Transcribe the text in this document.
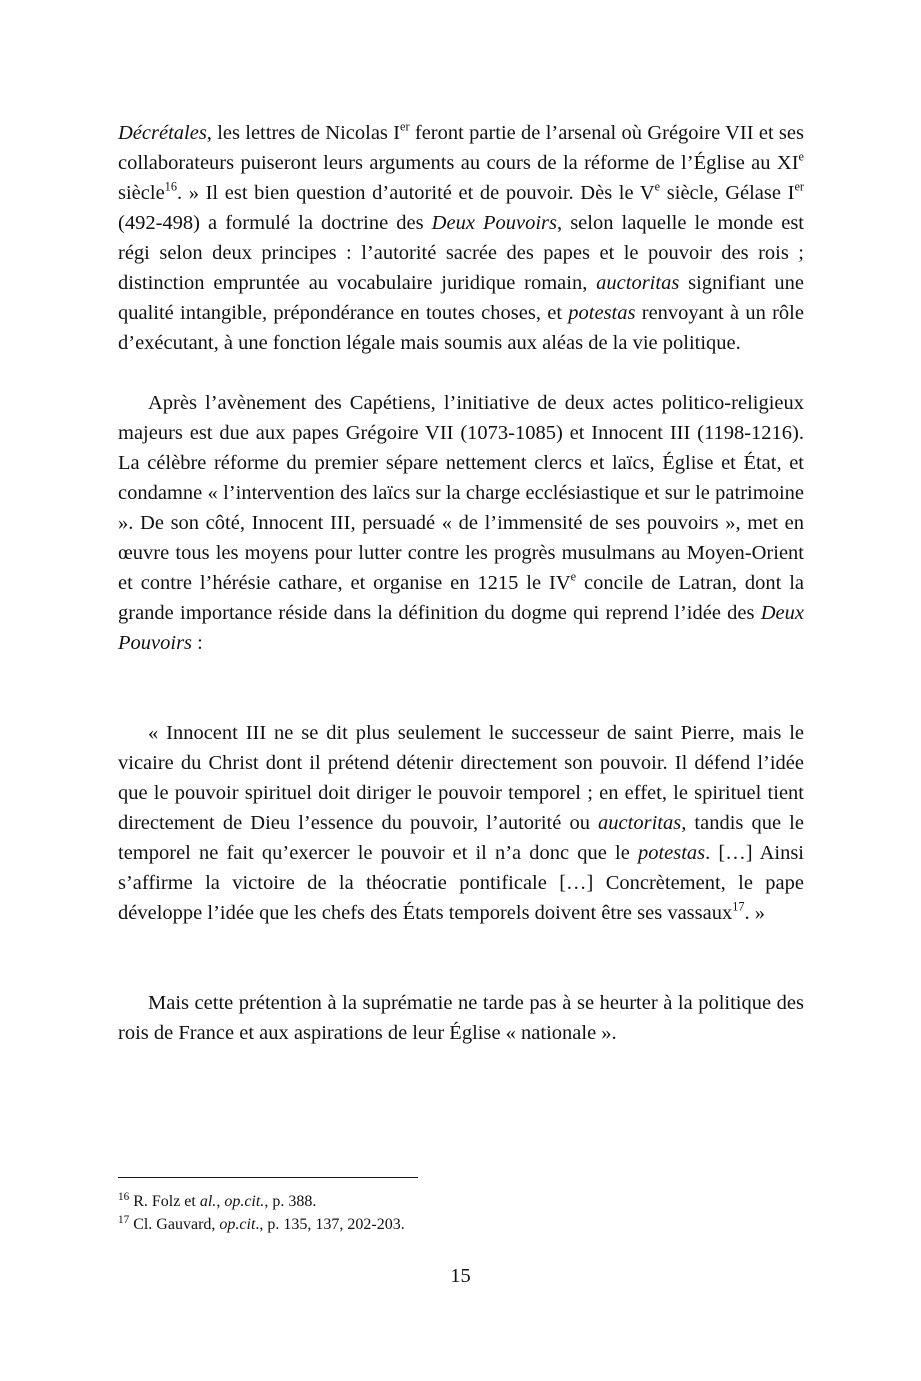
Décrétales, les lettres de Nicolas Ier feront partie de l’arsenal où Grégoire VII et ses collaborateurs puiseront leurs arguments au cours de la réforme de l’Église au XIe siècle$^{16}$. » Il est bien question d’autorité et de pouvoir. Dès le Ve siècle, Gélase Ier (492-498) a formulé la doctrine des Deux Pouvoirs, selon laquelle le monde est régi selon deux principes : l’autorité sacrée des papes et le pouvoir des rois ; distinction empruntée au vocabulaire juridique romain, auctoritas signifiant une qualité intangible, prépondérance en toutes choses, et potestas renvoyant à un rôle d’exécutant, à une fonction légale mais soumis aux aléas de la vie politique.

Après l’avènement des Capétiens, l’initiative de deux actes politico-religieux majeurs est due aux papes Grégoire VII (1073-1085) et Innocent III (1198-1216). La célèbre réforme du premier sépare nettement clercs et laïcs, Église et État, et condamne « l’intervention des laïcs sur la charge ecclésiastique et sur le patrimoine ». De son côté, Innocent III, persuadé « de l’immensité de ses pouvoirs », met en œuvre tous les moyens pour lutter contre les progrès musulmans au Moyen-Orient et contre l’hérésie cathare, et organise en 1215 le IVe concile de Latran, dont la grande importance réside dans la définition du dogme qui reprend l’idée des Deux Pouvoirs :

« Innocent III ne se dit plus seulement le successeur de saint Pierre, mais le vicaire du Christ dont il prétend détenir directement son pouvoir. Il défend l’idée que le pouvoir spirituel doit diriger le pouvoir temporel ; en effet, le spirituel tient directement de Dieu l’essence du pouvoir, l’autorité ou auctoritas, tandis que le temporel ne fait qu’exercer le pouvoir et il n’a donc que le potestas. […] Ainsi s’affirme la victoire de la théocratie pontificale […] Concrètement, le pape développe l’idée que les chefs des États temporels doivent être ses vassaux$^{17}$. »

Mais cette prétention à la suprématie ne tarde pas à se heurter à la politique des rois de France et aux aspirations de leur Église « nationale ».

$^{16}$ R. Folz et al., op.cit., p. 388.

$^{17}$ Cl. Gauvard, op.cit., p. 135, 137, 202-203.

15
